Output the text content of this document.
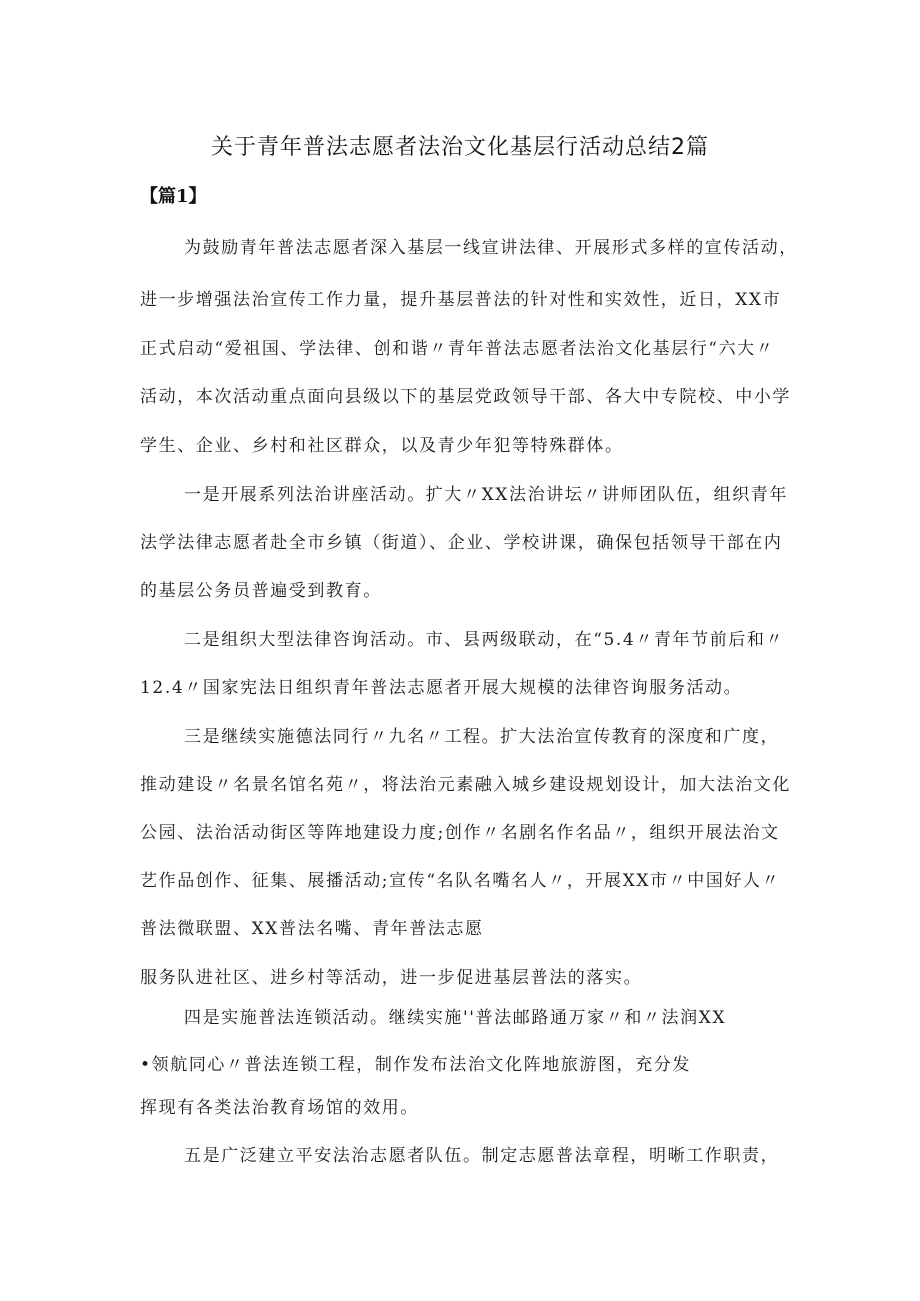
关于青年普法志愿者法治文化基层行活动总结2篇
【篇1】
为鼓励青年普法志愿者深入基层一线宣讲法律、开展形式多样的宣传活动，
进一步增强法治宣传工作力量，提升基层普法的针对性和实效性，近日，XX市
正式启动“爱祖国、学法律、创和谐〃青年普法志愿者法治文化基层行“六大〃
活动，本次活动重点面向县级以下的基层党政领导干部、各大中专院校、中小学
学生、企业、乡村和社区群众，以及青少年犯等特殊群体。
一是开展系列法治讲座活动。扩大〃XX法治讲坛〃讲师团队伍，组织青年
法学法律志愿者赴全市乡镇（街道）、企业、学校讲课，确保包括领导干部在内
的基层公务员普遍受到教育。
二是组织大型法律咨询活动。市、县两级联动，在“5.4〃青年节前后和〃
12.4〃国家宪法日组织青年普法志愿者开展大规模的法律咨询服务活动。
三是继续实施德法同行〃九名〃工程。扩大法治宣传教育的深度和广度，
推动建设〃名景名馆名苑〃，将法治元素融入城乡建设规划设计，加大法治文化
公园、法治活动街区等阵地建设力度;创作〃名剧名作名品〃，组织开展法治文
艺作品创作、征集、展播活动;宣传“名队名嘴名人〃，开展XX市〃中国好人〃
普法微联盟、XX普法名嘴、青年普法志愿
服务队进社区、进乡村等活动，进一步促进基层普法的落实。
四是实施普法连锁活动。继续实施''普法邮路通万家〃和〃法润XX
•领航同心〃普法连锁工程，制作发布法治文化阵地旅游图，充分发
挥现有各类法治教育场馆的效用。
五是广泛建立平安法治志愿者队伍。制定志愿普法章程，明晰工作职责，
